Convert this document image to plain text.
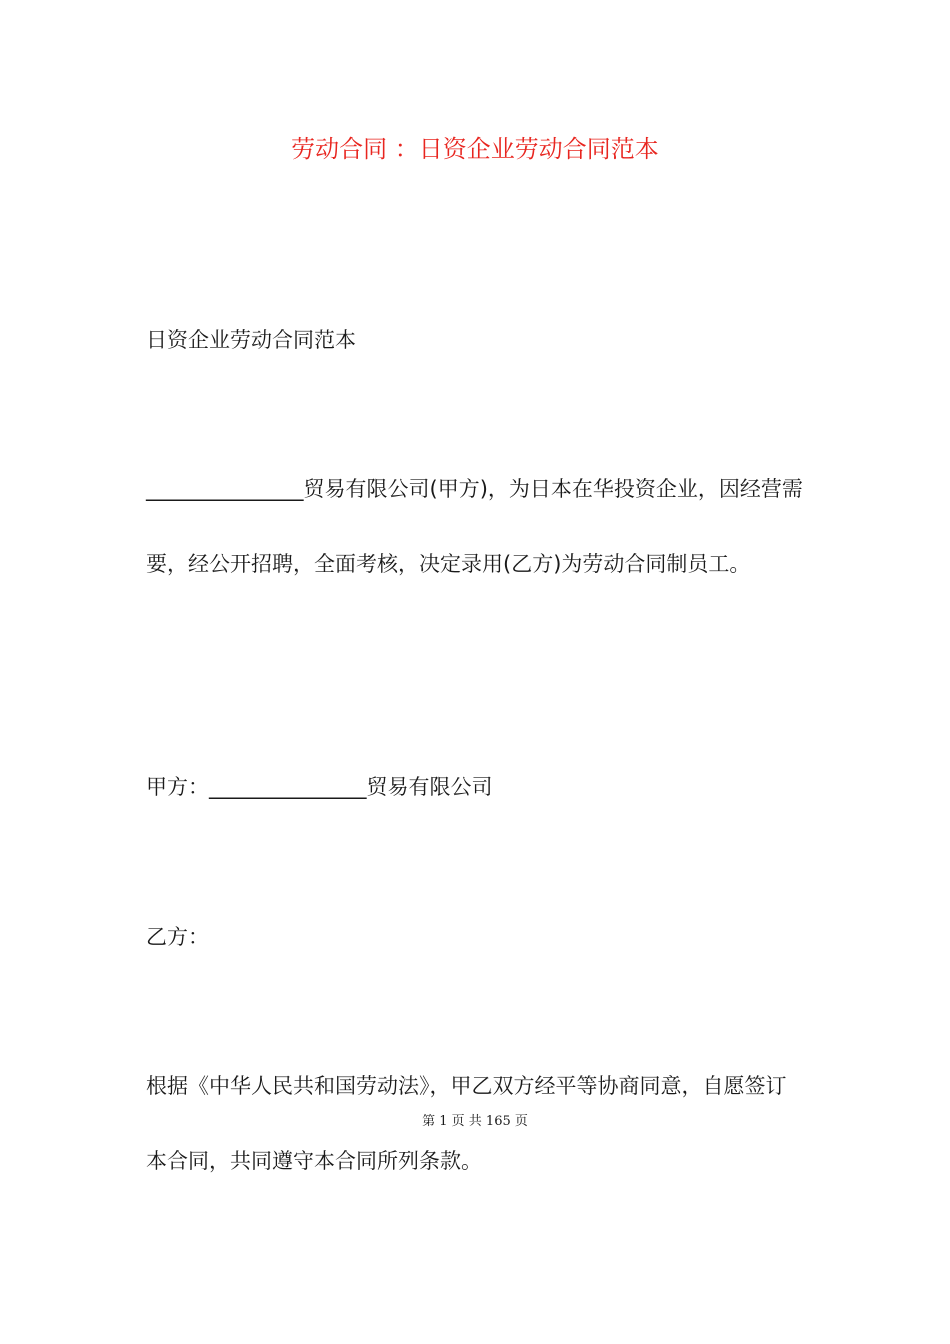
劳动合同 ：日资企业劳动合同范本

日资企业劳动合同范本

_______________贸易有限公司(甲方)，为日本在华投资企业，因经营需要，经公开招聘，全面考核，决定录用(乙方)为劳动合同制员工。

甲方：_______________贸易有限公司

乙方：

根据《中华人民共和国劳动法》，甲乙双方经平等协商同意，自愿签订本合同，共同遵守本合同所列条款。

第 1 页 共 165 页
